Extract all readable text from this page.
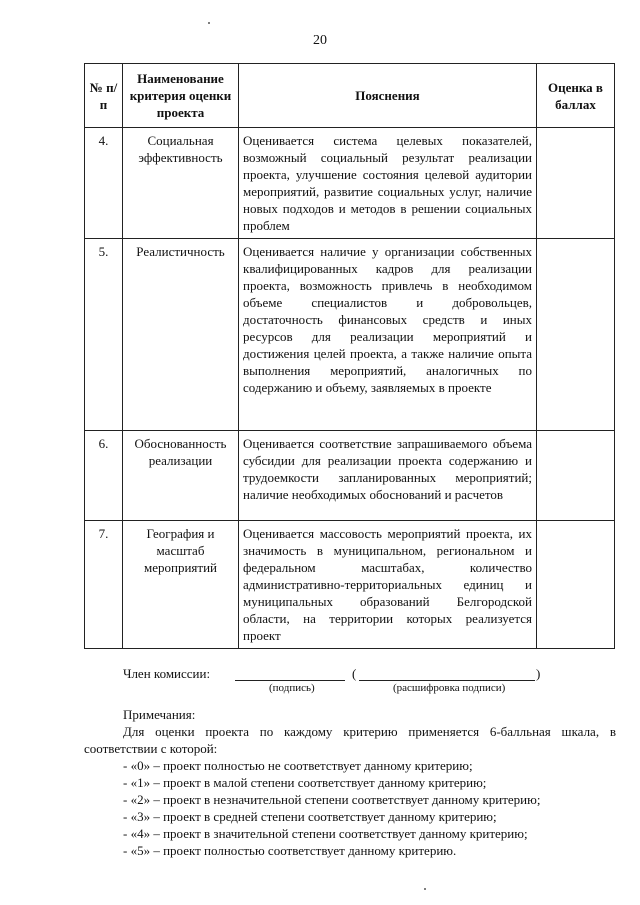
20
№ п/п	Наименование критерия оценки проекта	Пояснения	Оценка в баллах
4.	Социальная эффективность	Оценивается система целевых показателей, возможный социальный результат реализации проекта, улучшение состояния целевой аудитории мероприятий, развитие социальных услуг, наличие новых подходов и методов в решении социальных проблем	
5.	Реалистичность	Оценивается наличие у организации собственных квалифицированных кадров для реализации проекта, возможность привлечь в необходимом объеме специалистов и добровольцев, достаточность финансовых средств и иных ресурсов для реализации мероприятий и достижения целей проекта, а также наличие опыта выполнения мероприятий, аналогичных по содержанию и объему, заявляемых в проекте	
6.	Обоснованность реализации	Оценивается соответствие запрашиваемого объема субсидии для реализации проекта содержанию и трудоемкости запланированных мероприятий; наличие необходимых обоснований и расчетов	
7.	География и масштаб мероприятий	Оценивается массовость мероприятий проекта, их значимость в муниципальном, региональном и федеральном масштабах, количество административно-территориальных единиц и муниципальных образований Белгородской области, на территории которых реализуется проект	
Член комиссии:	(	)
(подпись)	(расшифровка подписи)
Примечания:
Для оценки проекта по каждому критерию применяется 6-балльная шкала, в соответствии с которой:
- «0» – проект полностью не соответствует данному критерию;
- «1» – проект в малой степени соответствует данному критерию;
- «2» – проект в незначительной степени соответствует данному критерию;
- «3» – проект в средней степени соответствует данному критерию;
- «4» – проект в значительной степени соответствует данному критерию;
- «5» – проект полностью соответствует данному критерию.
